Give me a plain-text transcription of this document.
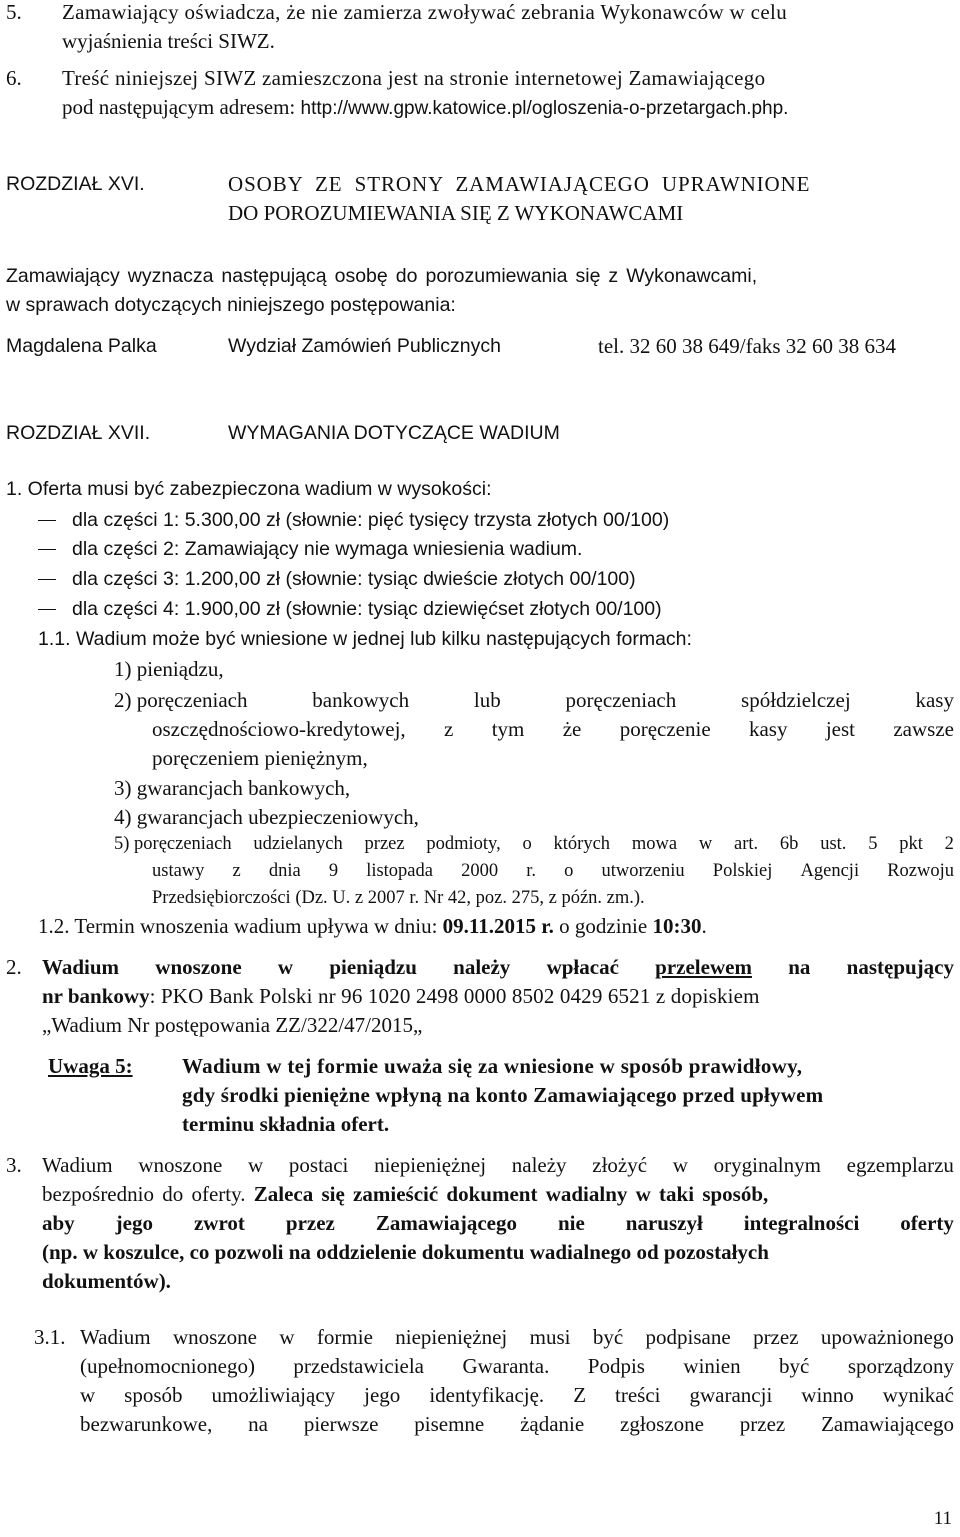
5. Zamawiający oświadcza, że nie zamierza zwoływać zebrania Wykonawców w celu
wyjaśnienia treści SIWZ.
6. Treść niniejszej SIWZ zamieszczona jest na stronie internetowej Zamawiającego
pod następującym adresem: http://www.gpw.katowice.pl/ogloszenia-o-przetargach.php.
ROZDZIAŁ XVI.	OSOBY ZE STRONY ZAMAWIAJĄCEGO UPRAWNIONE
DO POROZUMIEWANIA SIĘ Z WYKONAWCAMI
Zamawiający wyznacza następującą osobę do porozumiewania się z Wykonawcami,
w sprawach dotyczących niniejszego postępowania:
Magdalena Palka	Wydział Zamówień Publicznych	tel. 32 60 38 649/faks 32 60 38 634
ROZDZIAŁ XVII.	WYMAGANIA DOTYCZĄCE WADIUM
1. Oferta musi być zabezpieczona wadium w wysokości:
dla części 1: 5.300,00 zł (słownie: pięć tysięcy trzysta złotych 00/100)
dla części 2: Zamawiający nie wymaga wniesienia wadium.
dla części 3: 1.200,00 zł (słownie: tysiąc dwieście złotych 00/100)
dla części 4: 1.900,00 zł (słownie: tysiąc dziewięćset złotych 00/100)
1.1. Wadium może być wniesione w jednej lub kilku następujących formach:
1) pieniądzu,
2) poręczeniach	bankowych	lub	poręczeniach	spółdzielczej	kasy
oszczędnościowo-kredytowej, z tym że poręczenie kasy jest zawsze
poręczeniem pieniężnym,
3) gwarancjach bankowych,
4) gwarancjach ubezpieczeniowych,
5) poręczeniach udzielanych przez podmioty, o których mowa w art. 6b ust. 5 pkt 2
ustawy z dnia 9 listopada 2000 r. o utworzeniu Polskiej Agencji Rozwoju
Przedsiębiorczości (Dz. U. z 2007 r. Nr 42, poz. 275, z późn. zm.).
1.2. Termin wnoszenia wadium upływa w dniu: 09.11.2015 r. o godzinie 10:30.
2. Wadium wnoszone w pieniądzu należy wpłacać przelewem na następujący
nr bankowy: PKO Bank Polski nr 96 1020 2498 0000 8502 0429 6521 z dopiskiem
„Wadium Nr postępowania ZZ/322/47/2015„
Uwaga 5: Wadium w tej formie uważa się za wniesione w sposób prawidłowy,
gdy środki pieniężne wpłyną na konto Zamawiającego przed upływem
terminu składnia ofert.
3. Wadium wnoszone w postaci niepieniężnej należy złożyć w oryginalnym egzemplarzu
bezpośrednio do oferty. Zaleca się zamieścić dokument wadialny w taki sposób,
aby jego zwrot przez Zamawiającego nie naruszył integralności oferty
(np. w koszulce, co pozwoli na oddzielenie dokumentu wadialnego od pozostałych
dokumentów).
3.1. Wadium wnoszone w formie niepieniężnej musi być podpisane przez upoważnionego
(upełnomocnionego) przedstawiciela Gwaranta. Podpis winien być sporządzony
w sposób umożliwiający jego identyfikację. Z treści gwarancji winno wynikać
bezwarunkowe, na pierwsze pisemne żądanie zgłoszone przez Zamawiającego
11
